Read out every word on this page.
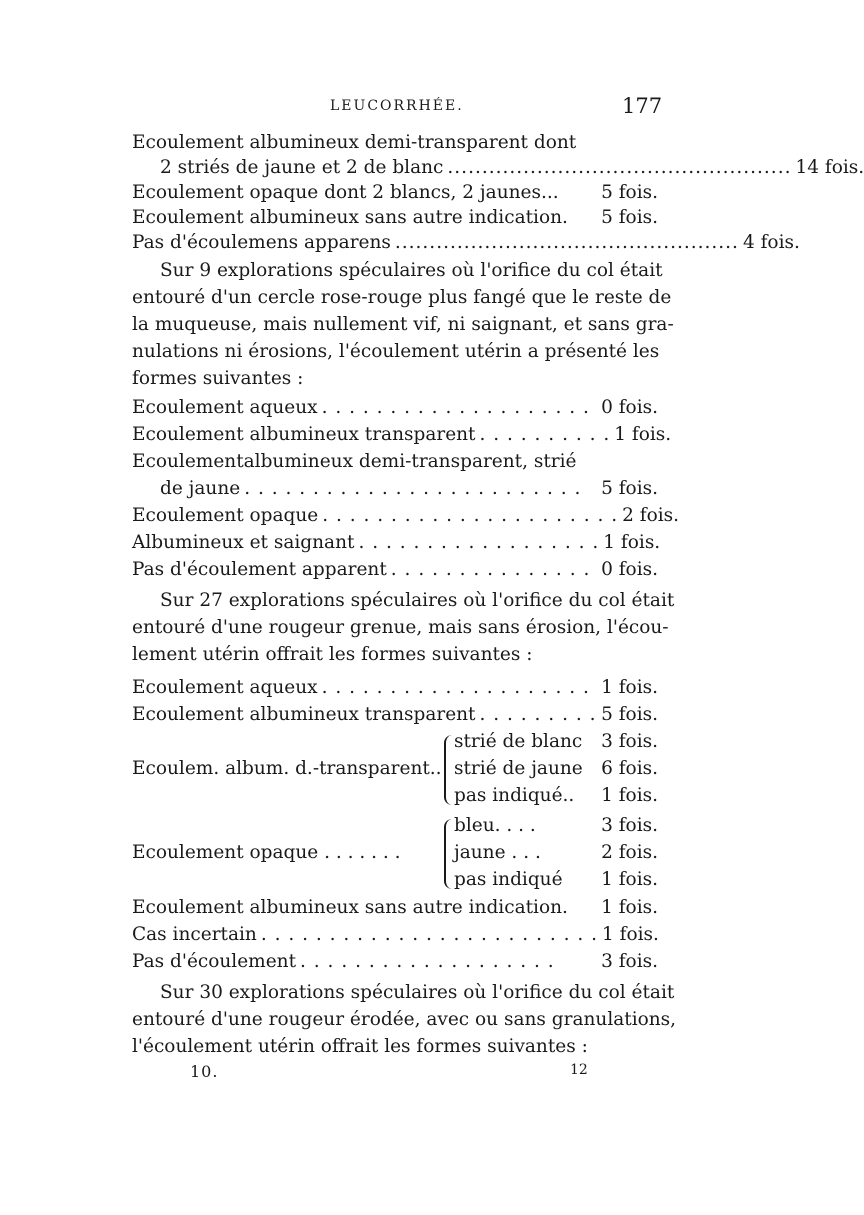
LEUCORRHÉE.	177
Ecoulement albumineux demi-transparent dont
2 striés de jaune et 2 de blanc .................................................. 14 fois.
Ecoulement opaque dont 2 blancs, 2 jaunes... 5 fois.
Ecoulement albumineux sans autre indication. 5 fois.
Pas d'écoulemens apparens .................................................. 4 fois.
Sur 9 explorations spéculaires où l'orifice du col était
entouré d'un cercle rose-rouge plus fangé que le reste de
la muqueuse, mais nullement vif, ni saignant, et sans gra-
nulations ni érosions, l'écoulement utérin a présenté les
formes suivantes :
Ecoulement aqueux . . . . . . . . . . . . . . . . . . . . 0 fois.
Ecoulement albumineux transparent . . . . . . . . . . 1 fois.
Ecoulementalbumineux demi-transparent, strié
de jaune . . . . . . . . . . . . . . . . . . . . . . . . .	5 fois.
Ecoulement opaque . . . . . . . . . . . . . . . . . . . . . . 2 fois.
Albumineux et saignant . . . . . . . . . . . . . . . . . . 1 fois.
Pas d'écoulement apparent . . . . . . . . . . . . . . . 0 fois.
Sur 27 explorations spéculaires où l'orifice du col était
entouré d'une rougeur grenue, mais sans érosion, l'écou-
lement utérin offrait les formes suivantes :
Ecoulement aqueux . . . . . . . . . . . . . . . . . . . . 1 fois.
Ecoulement albumineux transparent . . . . . . . . . 5 fois.
Ecoulem. album. d.-transparent..
strié de blanc 3 fois.
strié de jaune 6 fois.
pas indiqué.. 1 fois.
Ecoulement opaque . . . . . . .
bleu. . . .	3 fois.
jaune . . .	2 fois.
pas indiqué 1 fois.
Ecoulement albumineux sans autre indication. 1 fois.
Cas incertain . . . . . . . . . . . . . . . . . . . . . . . . . 1 fois.
Pas d'écoulement . . . . . . . . . . . . . . . . . . .	3 fois.
Sur 30 explorations spéculaires où l'orifice du col était
entouré d'une rougeur érodée, avec ou sans granulations,
l'écoulement utérin offrait les formes suivantes :
10.	12
